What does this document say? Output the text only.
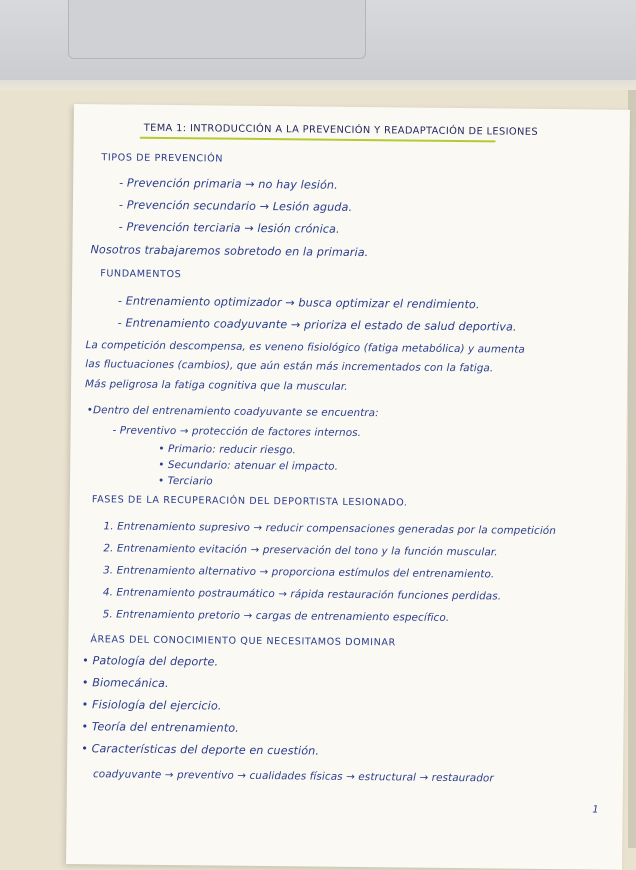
TEMA 1: INTRODUCCIÓN A LA PREVENCIÓN Y READAPTACIÓN DE LESIONES
TIPOS DE PREVENCIÓN
- Prevención primaria → no hay lesión.
- Prevención secundario → Lesión aguda.
- Prevención terciaria → lesión crónica.
Nosotros trabajaremos sobretodo en la primaria.
FUNDAMENTOS
- Entrenamiento optimizador → busca optimizar el rendimiento.
- Entrenamiento coadyuvante → prioriza el estado de salud deportiva.
La competición descompensa, es veneno fisiológico (fatiga metabólica) y aumenta
las fluctuaciones (cambios), que aún están más incrementados con la fatiga.
Más peligrosa la fatiga cognitiva que la muscular.
•Dentro del entrenamiento coadyuvante se encuentra:
- Preventivo → protección de factores internos.
• Primario: reducir riesgo.
• Secundario: atenuar el impacto.
• Terciario
FASES DE LA RECUPERACIÓN DEL DEPORTISTA LESIONADO.
1. Entrenamiento supresivo → reducir compensaciones generadas por la competición
2. Entrenamiento evitación → preservación del tono y la función muscular.
3. Entrenamiento alternativo → proporciona estímulos del entrenamiento.
4. Entrenamiento postraumático → rápida restauración funciones perdidas.
5. Entrenamiento pretorio → cargas de entrenamiento específico.
ÁREAS DEL CONOCIMIENTO QUE NECESITAMOS DOMINAR
• Patología del deporte.
• Biomecánica.
• Fisiología del ejercicio.
• Teoría del entrenamiento.
• Características del deporte en cuestión.
coadyuvante → preventivo → cualidades físicas → estructural → restaurador
1
